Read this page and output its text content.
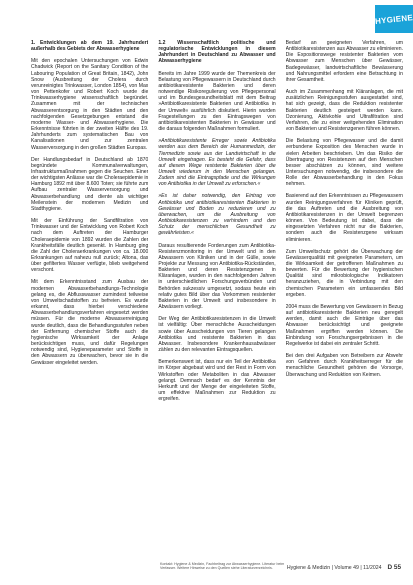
HYGIENE

1. Entwicklungen ab dem 19. Jahrhundert außerhalb des Gebiets der Abwasserhygiene

Mit den epochalen Untersuchungen von Edwin Chadwick (Report on the Sanitary Condition of the Labouring Population of Great Britain, 1842), John Snow (Ausbreitung der Cholera durch verunreinigtes Trinkwasser, London 1854), von Max von Pettenkofer und Robert Koch wurde die Trinkwasserhygiene wissenschaftlich begründet. Zusammen mit der technischen Abwasserentsorgung in den Städten und den nachfolgenden Gesetzgebungen entstand die moderne Wasser- und Abwasserhygiene. Die Erkenntnisse führten in der zweiten Hälfte des 19. Jahrhunderts zum systematischen Bau von Kanalisationen und zur zentralen Wasserversorgung in den großen Städten Europas.

Der Handlungsbedarf in Deutschland ab 1870 begründete Kommunalverwaltungen, Infrastrukturmaßnahmen gegen die Seuchen. Einer der wichtigsten Anlässe war die Choleraepidemie in Hamburg 1892 mit über 8.600 Toten; sie führte zum Aufbau zentraler Wasserversorgung und Abwasserbehandlung und diente als wichtiger Meilenstein der modernen Medizin und Stadthygiene.

Mit der Einführung der Sandfiltration von Trinkwasser und der Entwicklung von Robert Koch nach dem Auftreten der Hamburger Choleraepidemie von 1892 wurden die Zahlen der Krankheitsfälle deutlich gesenkt. In Hamburg ging die Zahl der Choleraerkrankungen von ca. 18.000 Erkrankungen auf nahezu null zurück; Altona, das über gefiltertes Wasser verfügte, blieb weitgehend verschont.

Mit dem Erkenntnisstand zum Ausbau der modernen Abwasserbehandlungs-Technologie gelang es, die Abflusswasser zumindest teilweise von Umweltschadstoffen zu befreien. Es wurde erkannt, dass hierbei verschiedene Abwasserbehandlungsverfahren eingesetzt werden müssen. Für die moderne Abwasserreinigung wurde deutlich, dass die Behandlungsstufen neben der Entfernung chemischer Stoffe auch die hygienische Wirksamkeit der Anlage berücksichtigen muss, und dafür Regelungen notwendig sind, Hygieneparameter und Stoffe in den Abwassern zu überwachen, bevor sie in die Gewässer eingeleitet werden.

1.2 Wissenschaftlich politische und regulatorische Entwicklungen in diesem Jahrhundert in Deutschland zu Abwasser und Abwasserhygiene

Bereits im Jahre 1999 wurde der Themenkreis der Belastung von Pflegewassern in Deutschland durch antibiotikaresistente Bakterien und deren notwendige Risikoregulierung von Pflegepersonal und im Bundesgesundheitsblatt mit dem Beitrag »Antibiotikaresistente Bakterien und Antibiotika in der Umwelt« ausführlich diskutiert. Hierin wurden Fragestellungen zu den Eintragswegen von antibiotikaresistenten Bakterien in Gewässer und die daraus folgenden Maßnahmen formuliert.

»Antibiotikaresistente Erreger sowie Antibiotika werden aus dem Bereich der Humanmedizin, der Tiermedizin sowie aus der Landwirtschaft in die Umwelt eingetragen. Es besteht die Gefahr, dass auf diesem Wege resistente Bakterien über die Umwelt wiederum in den Menschen gelangen. Zudem sind die Eintragspfade und die Wirkungen von Antibiotika in der Umwelt zu erforschen.«

»Es ist daher notwendig, den Eintrag von Antibiotika und antibiotikaresistenten Bakterien in Gewässer und Boden zu reduzieren und zu überwachen, um die Ausbreitung von Antibiotikaresistenzen zu verhindern und den Schutz der menschlichen Gesundheit zu gewährleisten.«

Daraus resultierende Forderungen zum Antibiotika-Resistenzmonitoring in der Umwelt und in den Abwassern von Kliniken und in der Gülle, sowie Projekte zur Messung von Antibiotika-Rückständen, Bakterien und deren Resistenzgenen in Kläranlagen, wurden in den nachfolgenden Jahren in unterschiedlichen Forschungsverbünden und Behörden sukzessiv umgesetzt, sodass heute ein relativ gutes Bild über das Vorkommen resistenter Bakterien in der Umwelt und insbesondere in Abwässern vorliegt.

Der Weg der Antibiotikaresistenzen in die Umwelt ist vielfältig: Über menschliche Ausscheidungen sowie über Ausscheidungen von Tieren gelangen Antibiotika und resistente Bakterien in das Abwasser. Insbesondere Krankenhausabwässer zählen zu den relevanten Eintragsquellen.

Bemerkenswert ist, dass nur ein Teil der Antibiotika im Körper abgebaut wird und der Rest in Form von Wirkstoffen oder Metaboliten in das Abwasser gelangt. Demnach bedarf es der Kenntnis der Herkunft und der Menge der eingeleiteten Stoffe, um effektive Maßnahmen zur Reduktion zu ergreifen.

Bedarf an geeigneten Verfahren, um Antibiotikaresistenzen aus Abwasser zu eliminieren. Die Expositionswege resistenter Bakterien vom Abwasser zum Menschen über Gewässer, Badegewässer, landwirtschaftliche Bewässerung und Nahrungsmittel erfordern eine Betrachtung in ihrer Gesamtheit.

Auch im Zusammenhang mit Kläranlagen, die mit zusätzlichen Reinigungsstufen ausgestattet sind, hat sich gezeigt, dass die Reduktion resistenter Bakterien deutlich gesteigert werden kann. Ozonierung, Aktivkohle und Ultrafiltration sind Verfahren, die zu einer weitgehenden Elimination von Bakterien und Resistenzgenen führen können.

Die Belastung von Pflegewasser und die damit verbundene Exposition des Menschen wurde in vielen Arbeiten beschrieben. Um das Risiko der Übertragung von Resistenzen auf den Menschen besser abschätzen zu können, sind weitere Untersuchungen notwendig, die insbesondere die Rolle der Abwasserbehandlung in den Fokus nehmen.

Basierend auf den Erkenntnissen zu Pflegewassern wurden Reinigungsverfahren für Kliniken geprüft, die das Auftreten und die Ausbreitung von Antibiotikaresistenzen in der Umwelt begrenzen können. Von Bedeutung ist dabei, dass die eingesetzten Verfahren nicht nur die Bakterien, sondern auch die Resistenzgene wirksam eliminieren.

Zum Umweltschutz gehört die Überwachung der Gewässerqualität mit geeigneten Parametern, um die Wirksamkeit der getroffenen Maßnahmen zu bewerten. Für die Bewertung der hygienischen Qualität sind mikrobiologische Indikatoren heranzuziehen, die in Verbindung mit den chemischen Parametern ein umfassendes Bild ergeben.

2004 muss die Bewertung von Gewässern in Bezug auf antibiotikaresistente Bakterien neu geregelt werden, damit auch die Einträge über das Abwasser berücksichtigt und geeignete Maßnahmen ergriffen werden können. Die Einbindung von Forschungsergebnissen in die Regelwerke ist dabei ein zentraler Schritt.

Bei den drei Aufgaben von Betreibern zur Abwehr von Gefahren durch Krankheitserreger für die menschliche Gesundheit gehören die Vorsorge, Überwachung und Reduktion von Keimen.

Kontakt: Hygiene & Medizin, Fachbeitrag zur Abwasserhygiene. Literatur beim Verfasser. Weitere Hinweise zu den Quellen siehe Literaturverzeichnis.	Hygiene & Medizin | Volume 49 | 11/2024 D 55
